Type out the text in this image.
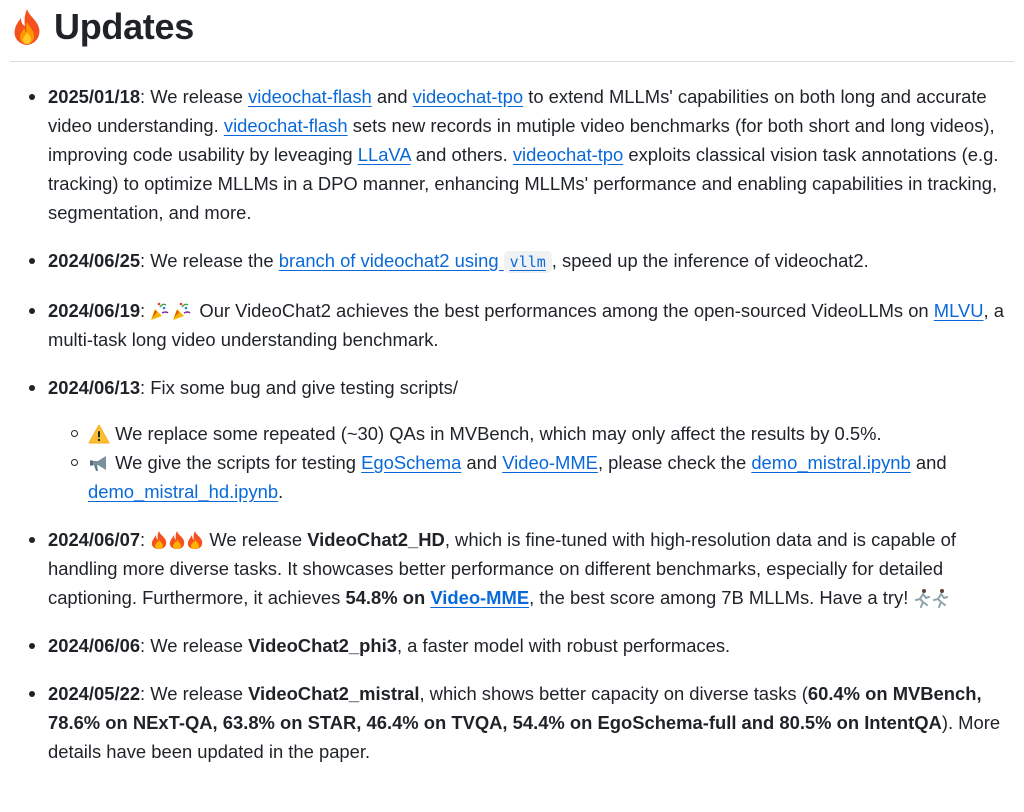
Updates
2025/01/18: We release videochat-flash and videochat-tpo to extend MLLMs' capabilities on both long and accurate video understanding. videochat-flash sets new records in mutiple video benchmarks (for both short and long videos), improving code usability by leveaging LLaVA and others. videochat-tpo exploits classical vision task annotations (e.g. tracking) to optimize MLLMs in a DPO manner, enhancing MLLMs' performance and enabling capabilities in tracking, segmentation, and more.
2024/06/25: We release the branch of videochat2 using vllm , speed up the inference of videochat2.
2024/06/19:
Our VideoChat2 achieves the best performances among the open-sourced VideoLLMs on MLVU, a multi-task long video understanding benchmark.
2024/06/13: Fix some bug and give testing scripts/
We replace some repeated (~30) QAs in MVBench, which may only affect the results by 0.5%.
We give the scripts for testing EgoSchema and Video-MME, please check the demo_mistral.ipynb and demo_mistral_hd.ipynb.
2024/06/07:	We release VideoChat2_HD, which is fine-tuned with high-resolution data and is capable of handling more diverse tasks. It showcases better performance on different benchmarks, especially for detailed captioning. Furthermore, it achieves 54.8% on Video-MME, the best score among 7B MLLMs. Have a try!
2024/06/06: We release VideoChat2_phi3, a faster model with robust performaces.
2024/05/22: We release VideoChat2_mistral, which shows better capacity on diverse tasks (60.4% on MVBench, 78.6% on NExT-QA, 63.8% on STAR, 46.4% on TVQA, 54.4% on EgoSchema-full and 80.5% on IntentQA). More details have been updated in the paper.
